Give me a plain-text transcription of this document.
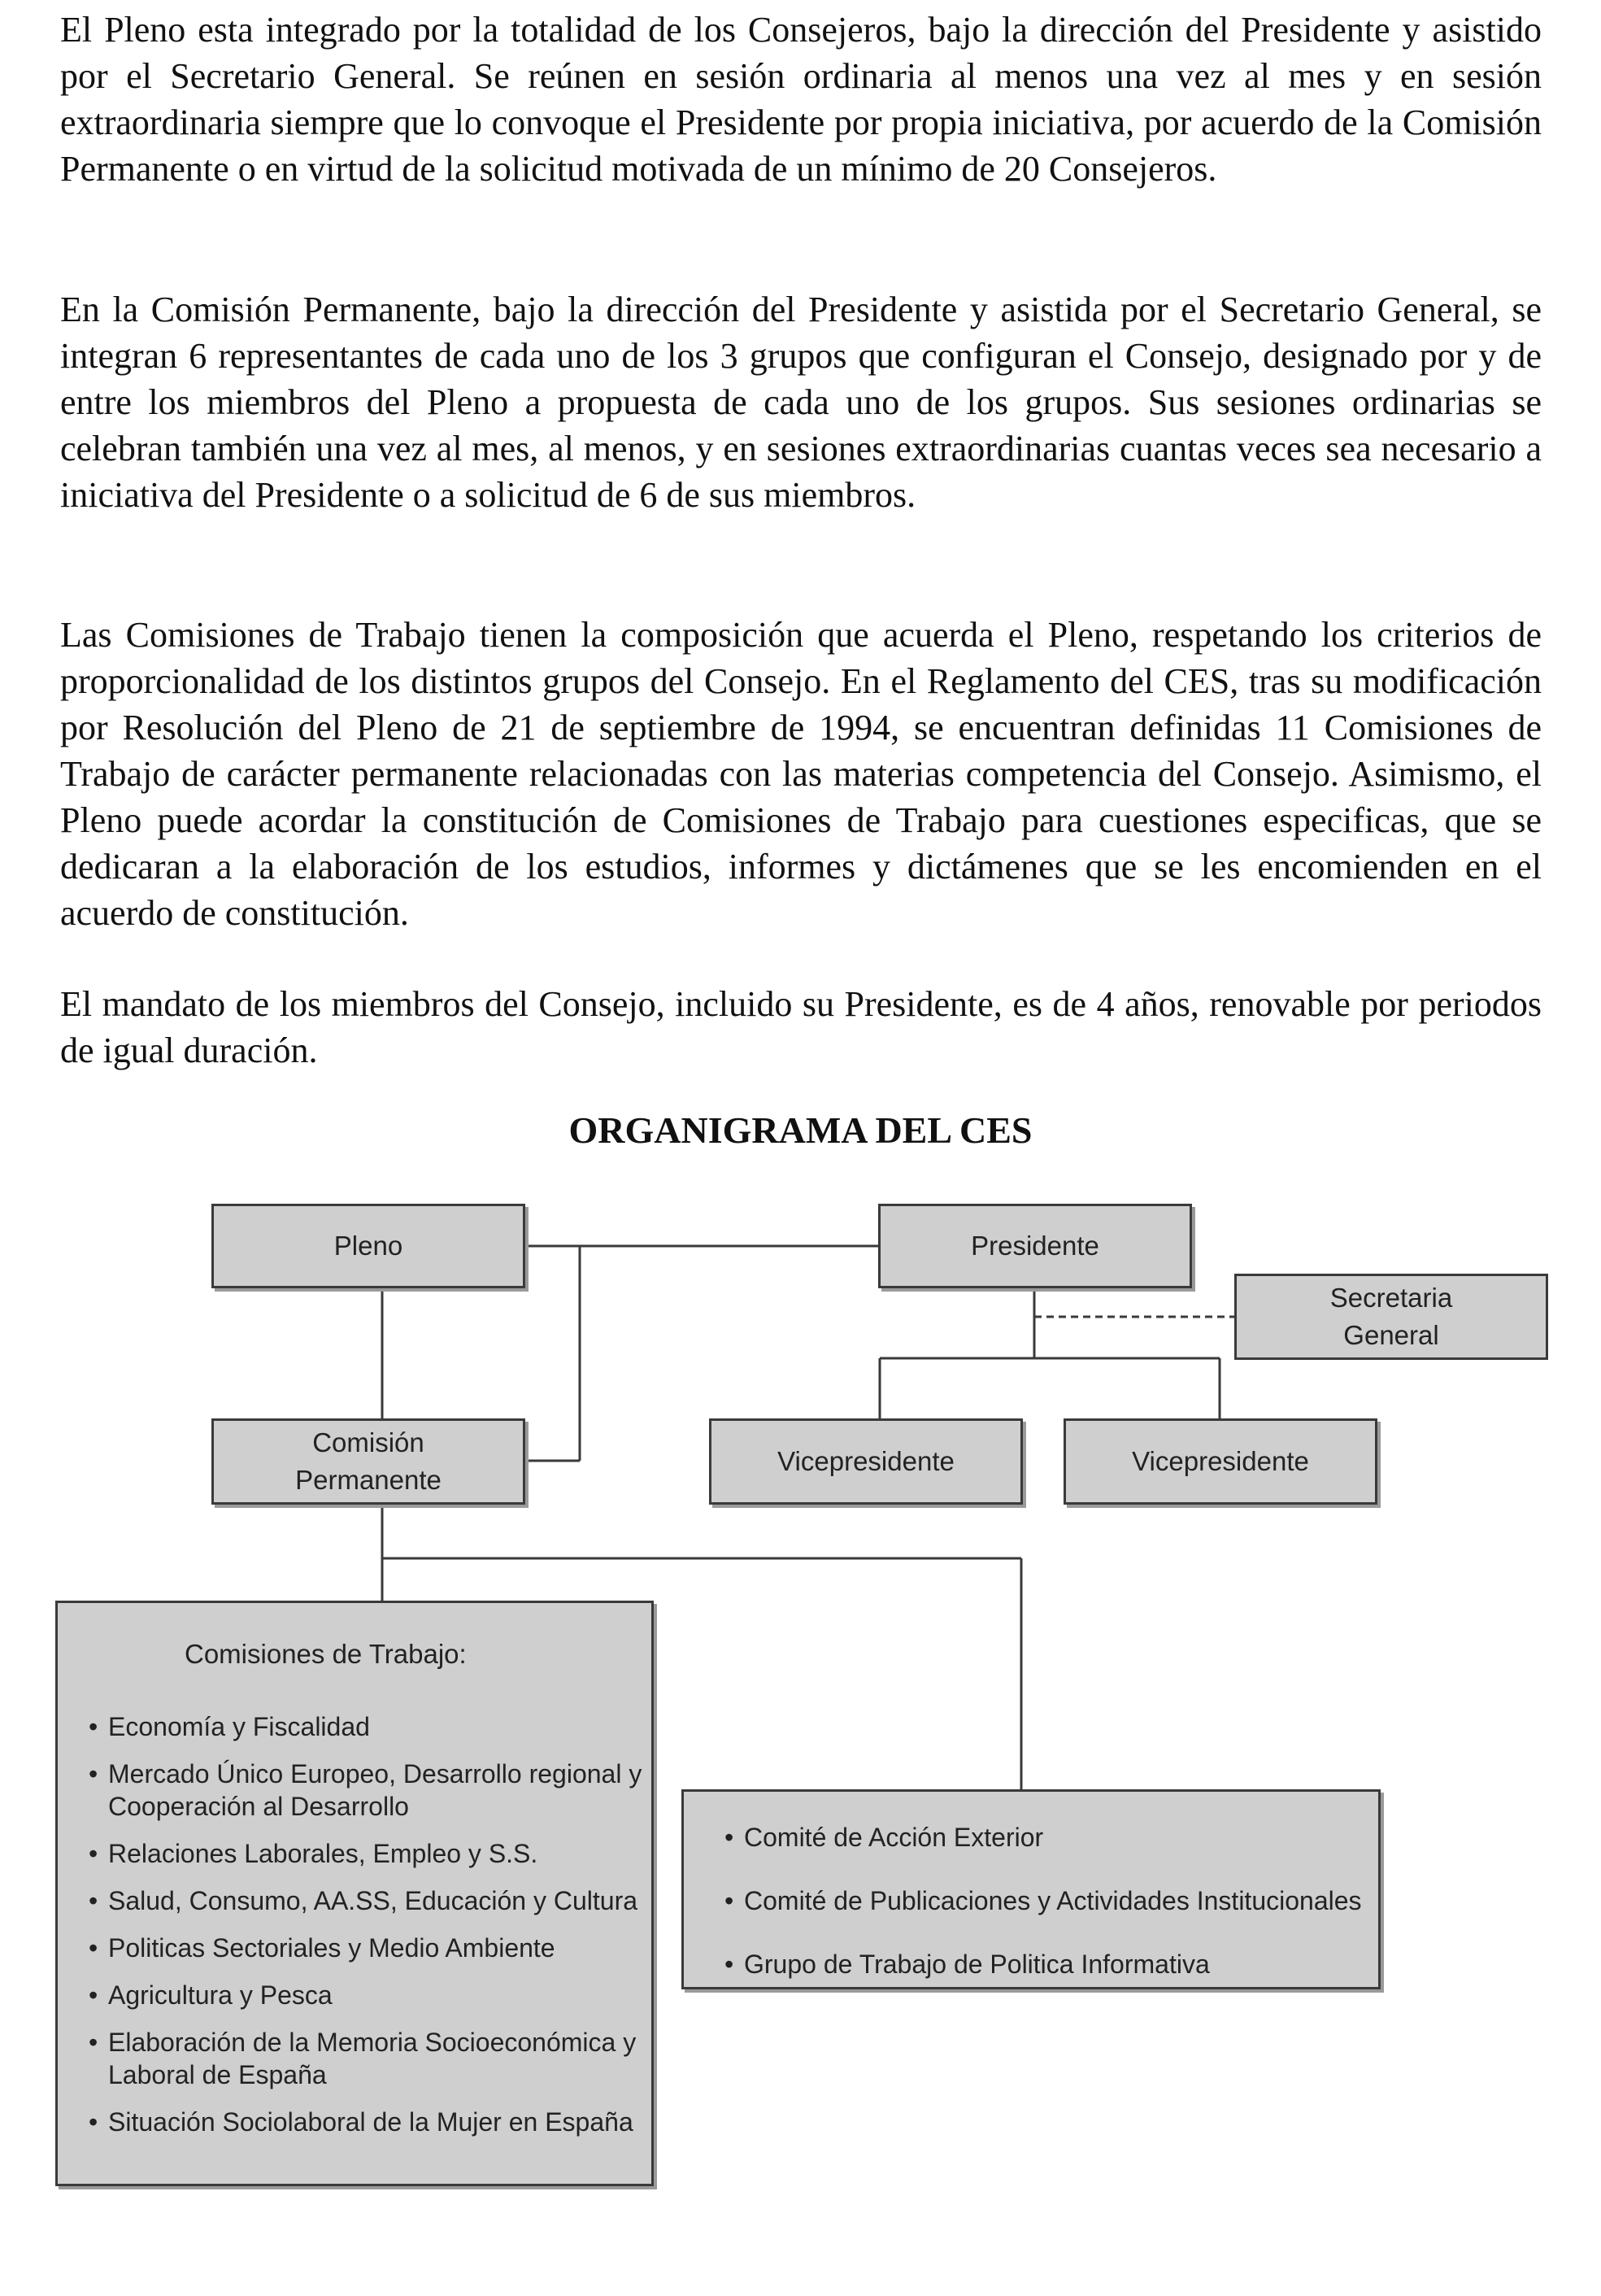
El Pleno esta integrado por la totalidad de los Consejeros, bajo la dirección del Presidente y asistido por el Secretario General. Se reúnen en sesión ordinaria al menos una vez al mes y en sesión extraordinaria siempre que lo convoque el Presidente por propia iniciativa, por acuerdo de la Comisión Permanente o en virtud de la solicitud motivada de un mínimo de 20 Consejeros.

En la Comisión Permanente, bajo la dirección del Presidente y asistida por el Secretario General, se integran 6 representantes de cada uno de los 3 grupos que configuran el Consejo, designado por y de entre los miembros del Pleno a propuesta de cada uno de los grupos. Sus sesiones ordinarias se celebran también una vez al mes, al menos, y en sesiones extraordinarias cuantas veces sea necesario a iniciativa del Presidente o a solicitud de 6 de sus miembros.

Las Comisiones de Trabajo tienen la composición que acuerda el Pleno, respetando los criterios de proporcionalidad de los distintos grupos del Consejo. En el Reglamento del CES, tras su modificación por Resolución del Pleno de 21 de septiembre de 1994, se encuentran definidas 11 Comisiones de Trabajo de carácter permanente relacionadas con las materias competencia del Consejo. Asimismo, el Pleno puede acordar la constitución de Comisiones de Trabajo para cuestiones especificas, que se dedicaran a la elaboración de los estudios, informes y dictámenes que se les encomienden en el acuerdo de constitución.

El mandato de los miembros del Consejo, incluido su Presidente, es de 4 años, renovable por periodos de igual duración.

ORGANIGRAMA DEL CES
Pleno	Presidente
Secretaria
General
Comisión
Permanente
Vicepresidente	Vicepresidente

Comisiones de Trabajo:

• Economía y Fiscalidad
• Mercado Único Europeo, Desarrollo regional y Cooperación al Desarrollo
• Relaciones Laborales, Empleo y S.S.
• Salud, Consumo, AA.SS, Educación y Cultura
• Politicas Sectoriales y Medio Ambiente
• Agricultura y Pesca
• Elaboración de la Memoria Socioeconómica y Laboral de España
• Situación Sociolaboral de la Mujer en España
• Comité de Acción Exterior
• Comité de Publicaciones y Actividades Institucionales
• Grupo de Trabajo de Politica Informativa
